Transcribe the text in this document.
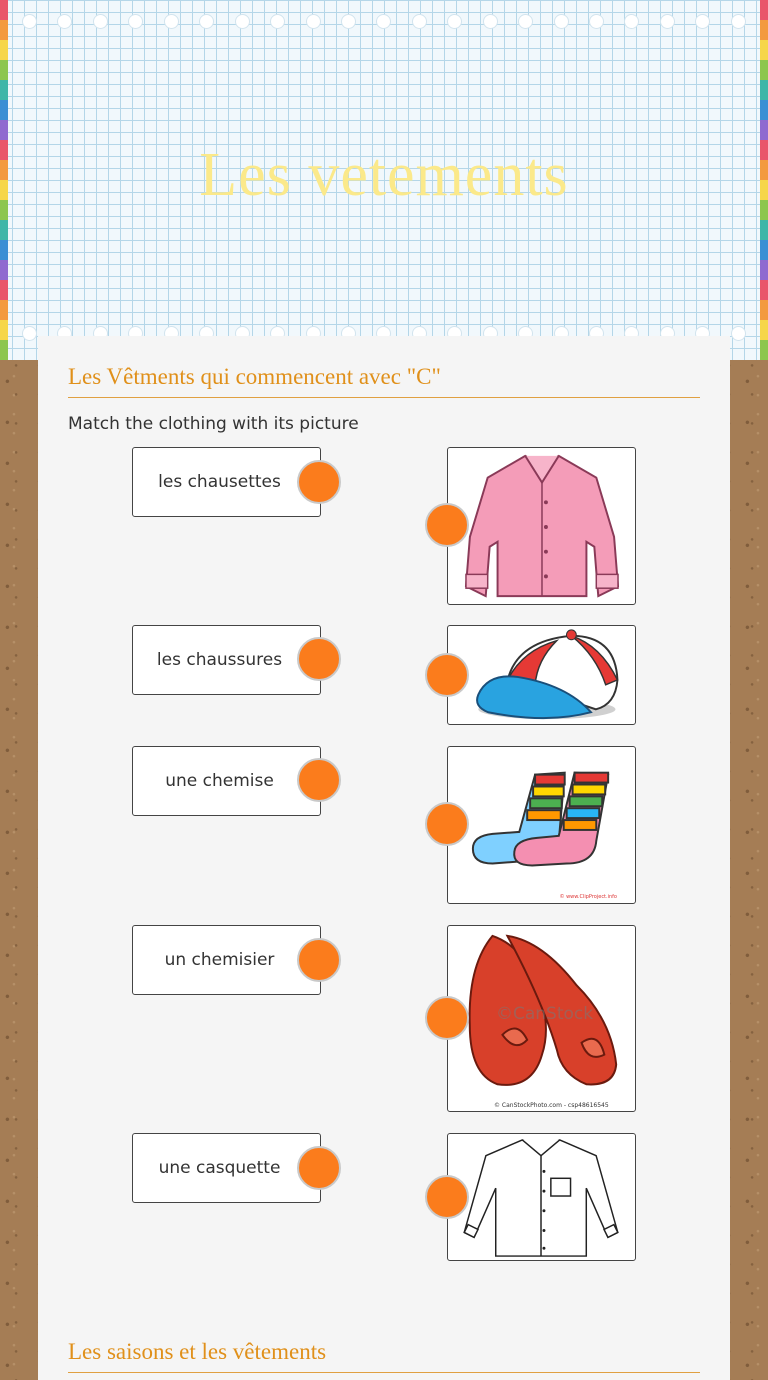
Les vetements
Les Vêtments qui commencent avec "C"
Match the clothing with its picture
les chausettes
les chaussures
une chemise
un chemisier
une casquette
© www.ClipProject.info
©CanStock
© CanStockPhoto.com - csp48616545
Les saisons et les vêtements
